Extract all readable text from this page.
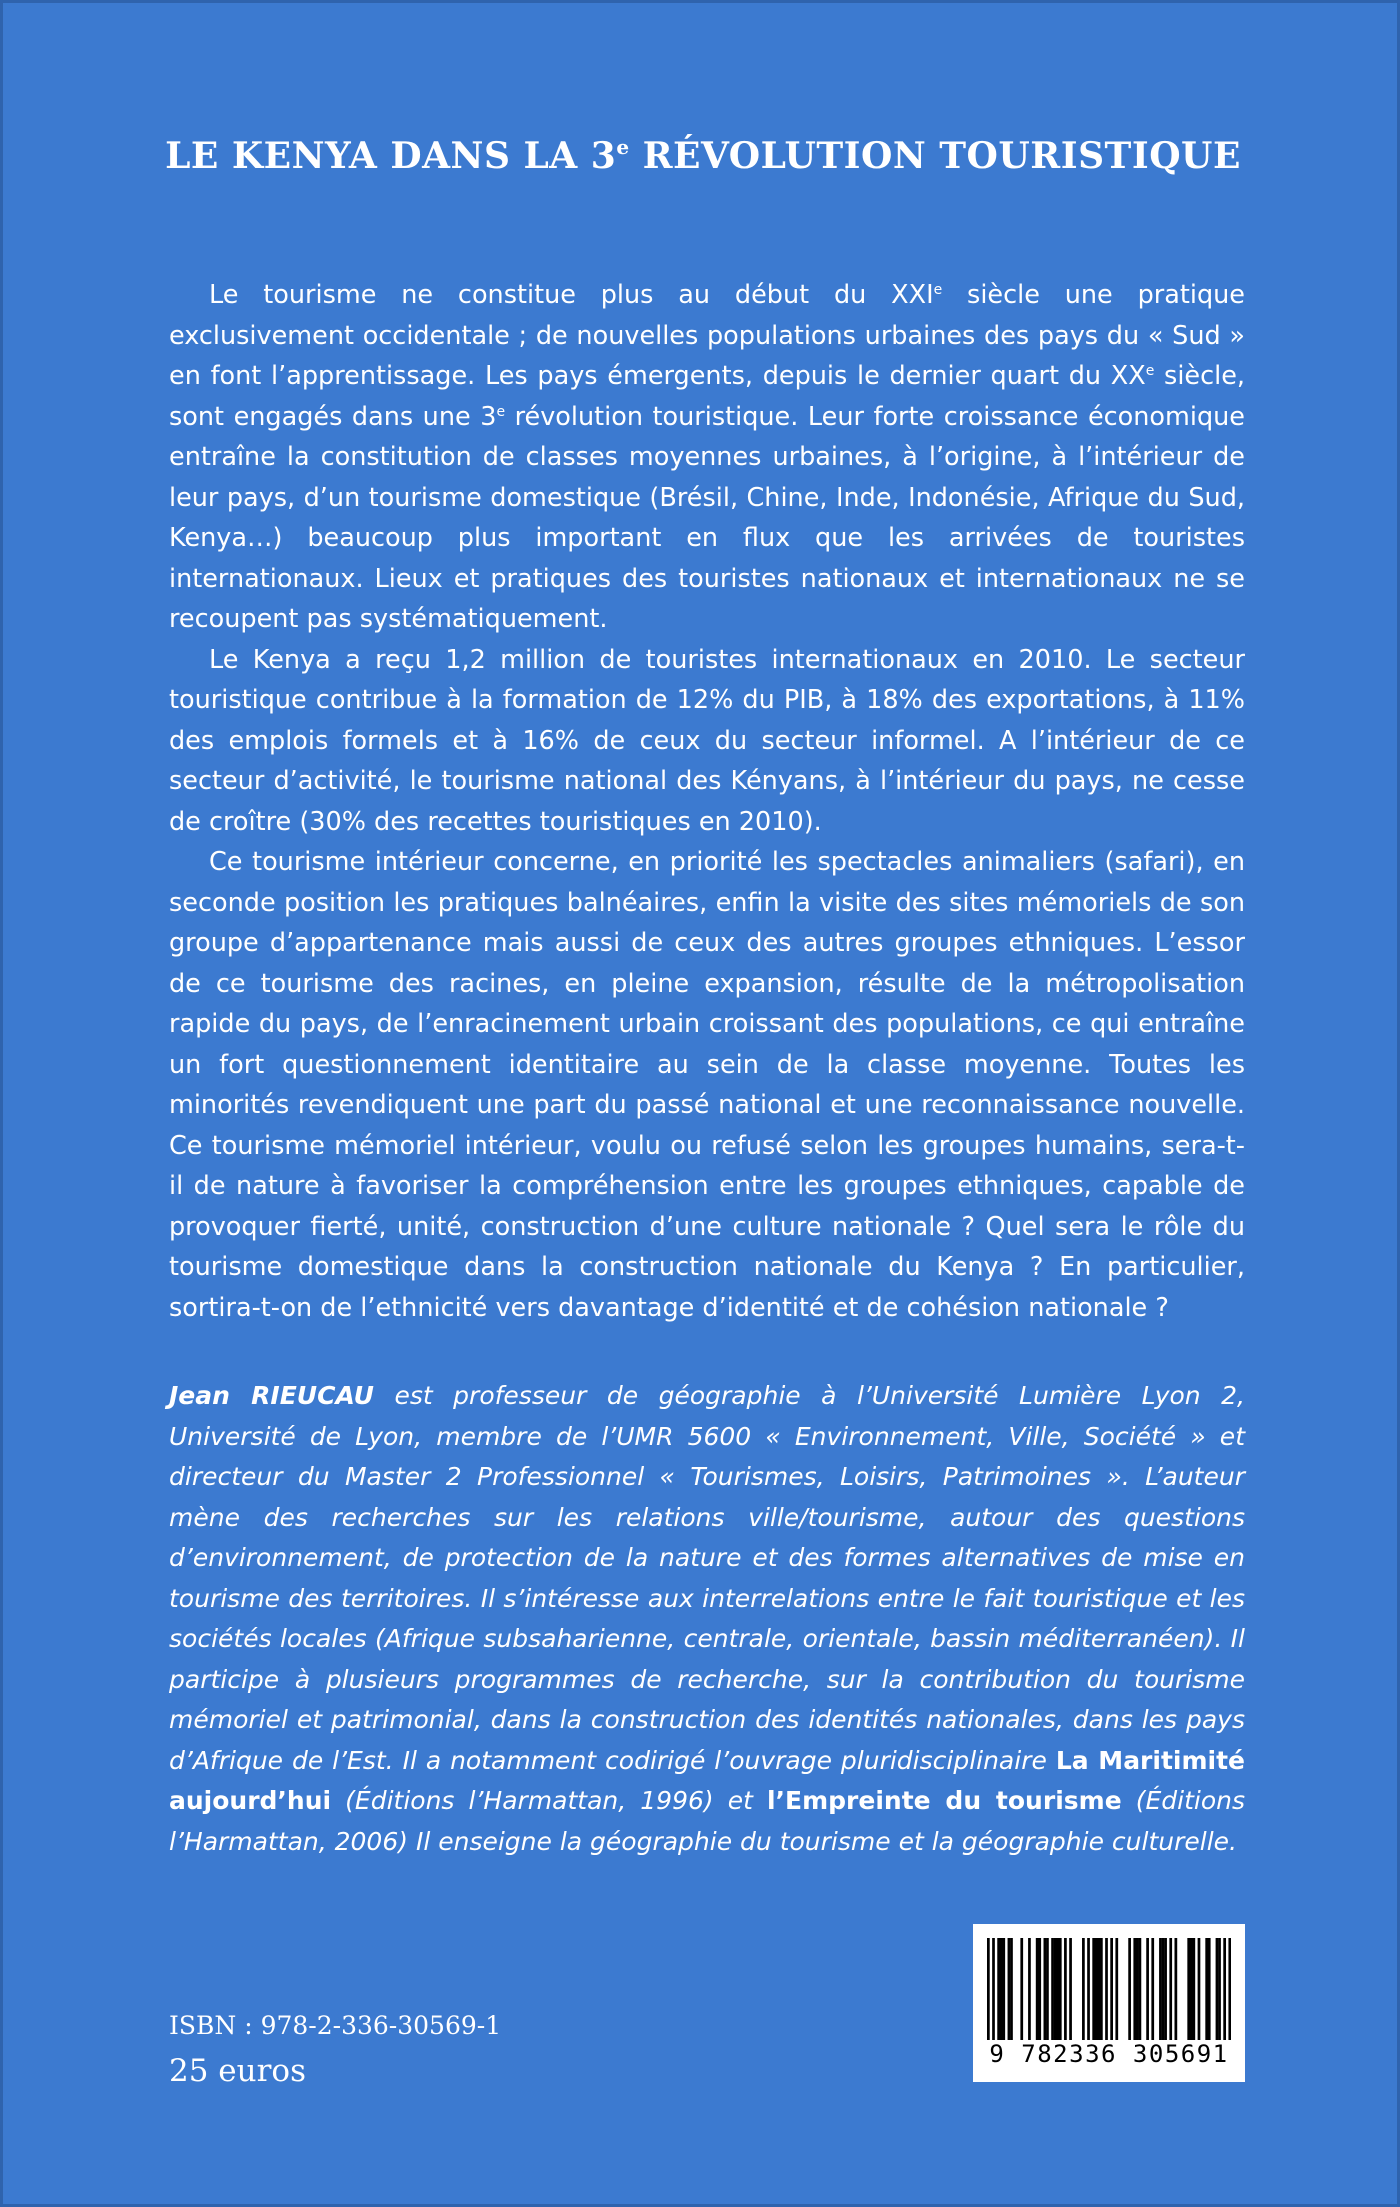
LE KENYA DANS LA 3e RÉVOLUTION TOURISTIQUE

Le tourisme ne constitue plus au début du XXIe siècle une pratique exclusivement occidentale ; de nouvelles populations urbaines des pays du « Sud » en font l’apprentissage. Les pays émergents, depuis le dernier quart du XXe siècle, sont engagés dans une 3e révolution touristique. Leur forte croissance économique entraîne la constitution de classes moyennes urbaines, à l’origine, à l’intérieur de leur pays, d’un tourisme domestique (Brésil, Chine, Inde, Indonésie, Afrique du Sud, Kenya…) beaucoup plus important en flux que les arrivées de touristes internationaux. Lieux et pratiques des touristes nationaux et internationaux ne se recoupent pas systématiquement.

Le Kenya a reçu 1,2 million de touristes internationaux en 2010. Le secteur touristique contribue à la formation de 12% du PIB, à 18% des exportations, à 11% des emplois formels et à 16% de ceux du secteur informel. A l’intérieur de ce secteur d’activité, le tourisme national des Kényans, à l’intérieur du pays, ne cesse de croître (30% des recettes touristiques en 2010).

Ce tourisme intérieur concerne, en priorité les spectacles animaliers (safari), en seconde position les pratiques balnéaires, enfin la visite des sites mémoriels de son groupe d’appartenance mais aussi de ceux des autres groupes ethniques. L’essor de ce tourisme des racines, en pleine expansion, résulte de la métropolisation rapide du pays, de l’enracinement urbain croissant des populations, ce qui entraîne un fort questionnement identitaire au sein de la classe moyenne. Toutes les minorités revendiquent une part du passé national et une reconnaissance nouvelle. Ce tourisme mémoriel intérieur, voulu ou refusé selon les groupes humains, sera-t-il de nature à favoriser la compréhension entre les groupes ethniques, capable de provoquer fierté, unité, construction d’une culture nationale ? Quel sera le rôle du tourisme domestique dans la construction nationale du Kenya ? En particulier, sortira-t-on de l’ethnicité vers davantage d’identité et de cohésion nationale ?

Jean RIEUCAU est professeur de géographie à l’Université Lumière Lyon 2, Université de Lyon, membre de l’UMR 5600 « Environnement, Ville, Société » et directeur du Master 2 Professionnel « Tourismes, Loisirs, Patrimoines ». L’auteur mène des recherches sur les relations ville/tourisme, autour des questions d’environnement, de protection de la nature et des formes alternatives de mise en tourisme des territoires. Il s’intéresse aux interrelations entre le fait touristique et les sociétés locales (Afrique subsaharienne, centrale, orientale, bassin méditerranéen). Il participe à plusieurs programmes de recherche, sur la contribution du tourisme mémoriel et patrimonial, dans la construction des identités nationales, dans les pays d’Afrique de l’Est. Il a notamment codirigé l’ouvrage pluridisciplinaire La Maritimité aujourd’hui (Éditions l’Harmattan, 1996) et l’Empreinte du tourisme (Éditions l’Harmattan, 2006) Il enseigne la géographie du tourisme et la géographie culturelle.

ISBN : 978-2-336-30569-1
25 euros	9 782336 305691
